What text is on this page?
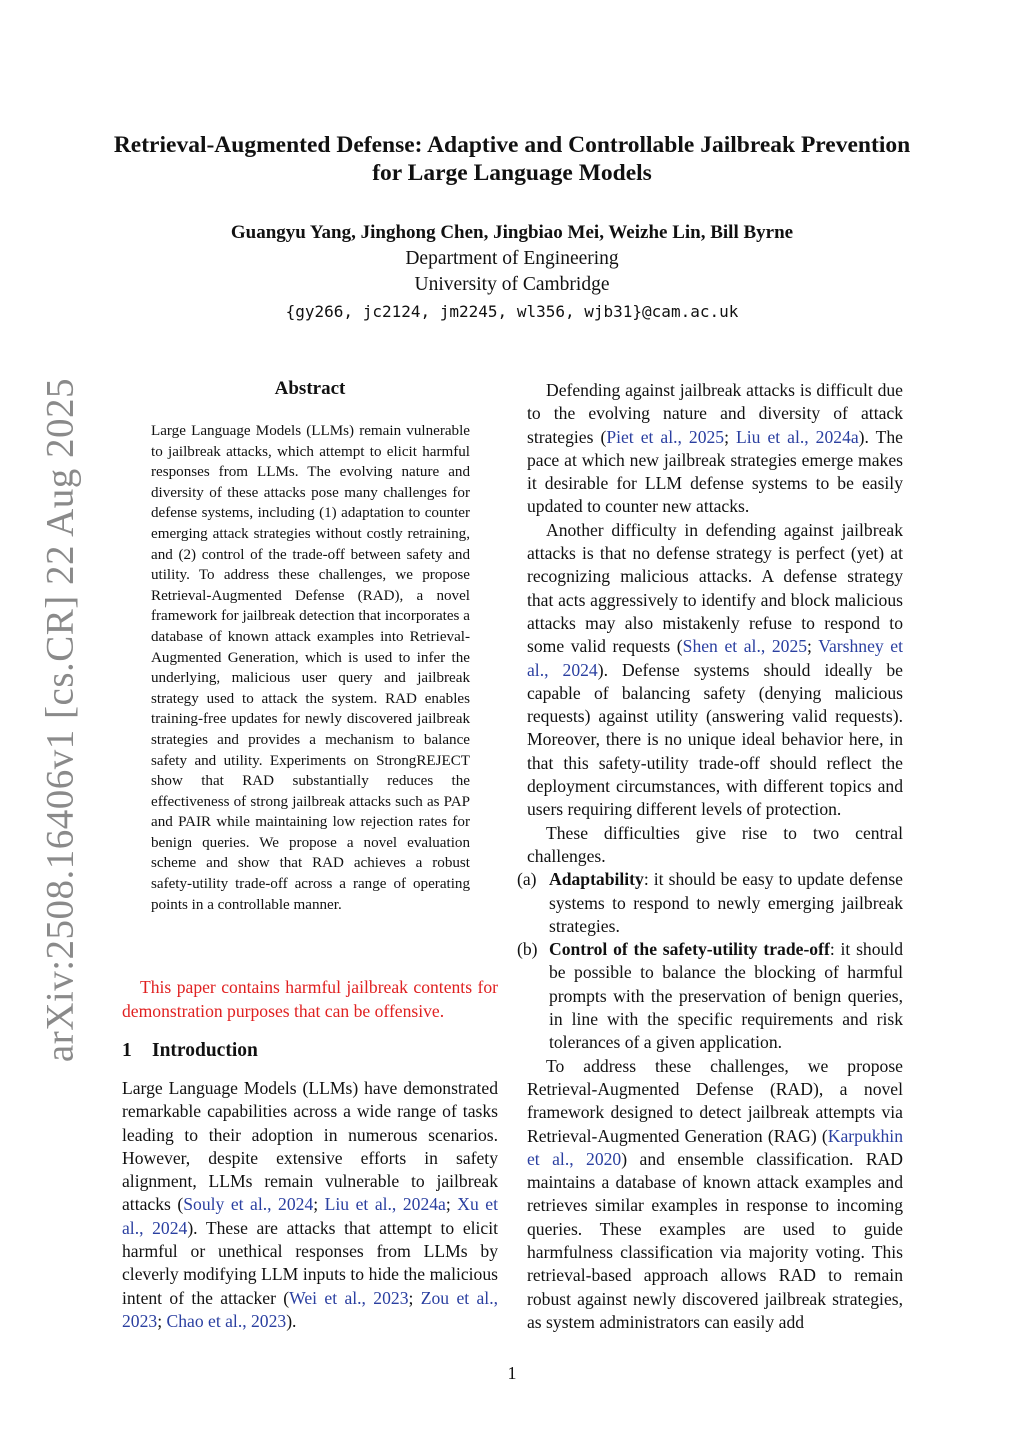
arXiv:2508.16406v1 [cs.CR] 22 Aug 2025
Retrieval-Augmented Defense: Adaptive and Controllable Jailbreak Prevention for Large Language Models
Guangyu Yang, Jinghong Chen, Jingbiao Mei, Weizhe Lin, Bill Byrne
Department of Engineering
University of Cambridge
{gy266, jc2124, jm2245, wl356, wjb31}@cam.ac.uk
Abstract
Large Language Models (LLMs) remain vulnerable to jailbreak attacks, which attempt to elicit harmful responses from LLMs. The evolving nature and diversity of these attacks pose many challenges for defense systems, including (1) adaptation to counter emerging attack strategies without costly retraining, and (2) control of the trade-off between safety and utility. To address these challenges, we propose Retrieval-Augmented Defense (RAD), a novel framework for jailbreak detection that incorporates a database of known attack examples into Retrieval-Augmented Generation, which is used to infer the underlying, malicious user query and jailbreak strategy used to attack the system. RAD enables training-free updates for newly discovered jailbreak strategies and provides a mechanism to balance safety and utility. Experiments on StrongREJECT show that RAD substantially reduces the effectiveness of strong jailbreak attacks such as PAP and PAIR while maintaining low rejection rates for benign queries. We propose a novel evaluation scheme and show that RAD achieves a robust safety-utility trade-off across a range of operating points in a controllable manner.
This paper contains harmful jailbreak contents for demonstration purposes that can be offensive.
1 Introduction

Large Language Models (LLMs) have demonstrated remarkable capabilities across a wide range of tasks leading to their adoption in numerous scenarios. However, despite extensive efforts in safety alignment, LLMs remain vulnerable to jailbreak attacks (Souly et al., 2024; Liu et al., 2024a; Xu et al., 2024). These are attacks that attempt to elicit harmful or unethical responses from LLMs by cleverly modifying LLM inputs to hide the malicious intent of the attacker (Wei et al., 2023; Zou et al., 2023; Chao et al., 2023).

Defending against jailbreak attacks is difficult due to the evolving nature and diversity of attack strategies (Piet et al., 2025; Liu et al., 2024a). The pace at which new jailbreak strategies emerge makes it desirable for LLM defense systems to be easily updated to counter new attacks.

Another difficulty in defending against jailbreak attacks is that no defense strategy is perfect (yet) at recognizing malicious attacks. A defense strategy that acts aggressively to identify and block malicious attacks may also mistakenly refuse to respond to some valid requests (Shen et al., 2025; Varshney et al., 2024). Defense systems should ideally be capable of balancing safety (denying malicious requests) against utility (answering valid requests). Moreover, there is no unique ideal behavior here, in that this safety-utility trade-off should reflect the deployment circumstances, with different topics and users requiring different levels of protection.

These difficulties give rise to two central challenges.

(a) Adaptability: it should be easy to update defense systems to respond to newly emerging jailbreak strategies.

(b) Control of the safety-utility trade-off: it should be possible to balance the blocking of harmful prompts with the preservation of benign queries, in line with the specific requirements and risk tolerances of a given application.

To address these challenges, we propose Retrieval-Augmented Defense (RAD), a novel framework designed to detect jailbreak attempts via Retrieval-Augmented Generation (RAG) (Karpukhin et al., 2020) and ensemble classification. RAD maintains a database of known attack examples and retrieves similar examples in response to incoming queries. These examples are used to guide harmfulness classification via majority voting. This retrieval-based approach allows RAD to remain robust against newly discovered jailbreak strategies, as system administrators can easily add

1
